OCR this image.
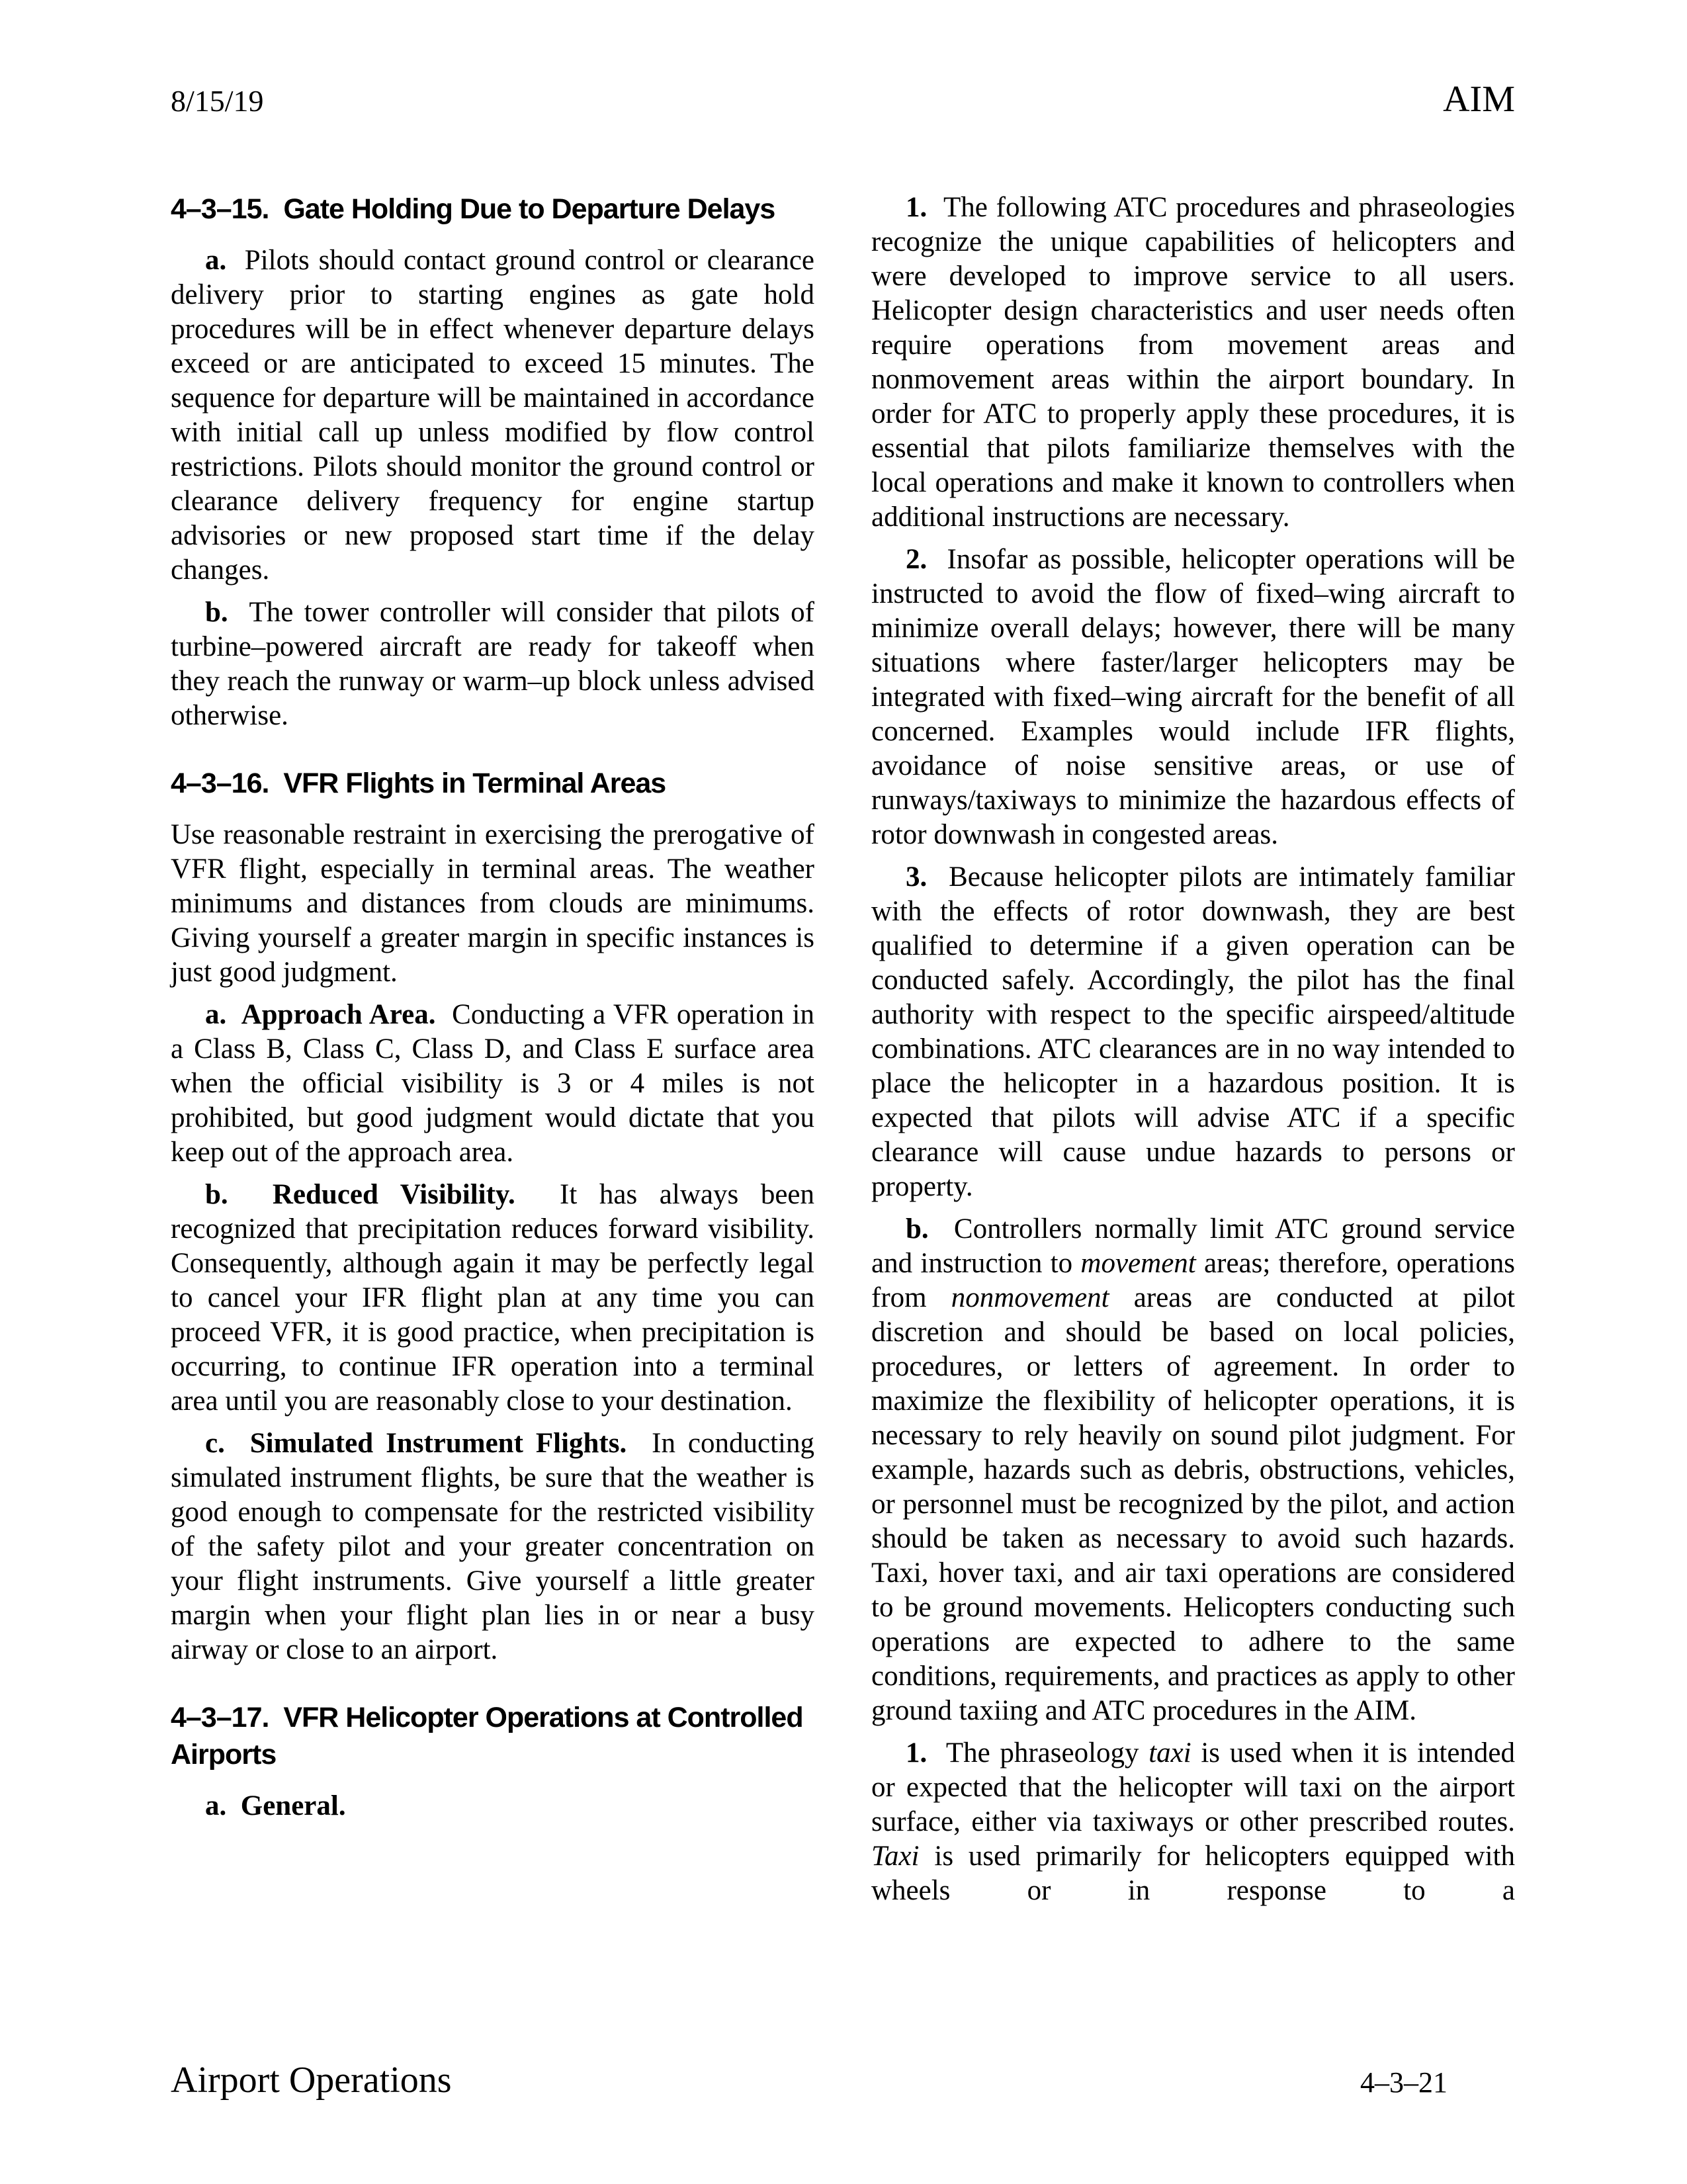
8/15/19	AIM
4–3–15.  Gate Holding Due to Departure Delays
a.  Pilots should contact ground control or clearance delivery prior to starting engines as gate hold procedures will be in effect whenever departure delays exceed or are anticipated to exceed 15 minutes. The sequence for departure will be maintained in accordance with initial call up unless modified by flow control restrictions. Pilots should monitor the ground control or clearance delivery frequency for engine startup advisories or new proposed start time if the delay changes.
b.  The tower controller will consider that pilots of turbine–powered aircraft are ready for takeoff when they reach the runway or warm–up block unless advised otherwise.
4–3–16.  VFR Flights in Terminal Areas
Use reasonable restraint in exercising the prerogative of VFR flight, especially in terminal areas. The weather minimums and distances from clouds are minimums. Giving yourself a greater margin in specific instances is just good judgment.
a.  Approach Area.  Conducting a VFR operation in a Class B, Class C, Class D, and Class E surface area when the official visibility is 3 or 4 miles is not prohibited, but good judgment would dictate that you keep out of the approach area.
b.  Reduced Visibility.  It has always been recognized that precipitation reduces forward visibility. Consequently, although again it may be perfectly legal to cancel your IFR flight plan at any time you can proceed VFR, it is good practice, when precipitation is occurring, to continue IFR operation into a terminal area until you are reasonably close to your destination.
c.  Simulated Instrument Flights.  In conducting simulated instrument flights, be sure that the weather is good enough to compensate for the restricted visibility of the safety pilot and your greater concentration on your flight instruments. Give yourself a little greater margin when your flight plan lies in or near a busy airway or close to an airport.
4–3–17.  VFR Helicopter Operations at Controlled Airports
a.  General.
1.  The following ATC procedures and phraseologies recognize the unique capabilities of helicopters and were developed to improve service to all users. Helicopter design characteristics and user needs often require operations from movement areas and nonmovement areas within the airport boundary. In order for ATC to properly apply these procedures, it is essential that pilots familiarize themselves with the local operations and make it known to controllers when additional instructions are necessary.
2.  Insofar as possible, helicopter operations will be instructed to avoid the flow of fixed–wing aircraft to minimize overall delays; however, there will be many situations where faster/larger helicopters may be integrated with fixed–wing aircraft for the benefit of all concerned. Examples would include IFR flights, avoidance of noise sensitive areas, or use of runways/taxiways to minimize the hazardous effects of rotor downwash in congested areas.
3.  Because helicopter pilots are intimately familiar with the effects of rotor downwash, they are best qualified to determine if a given operation can be conducted safely. Accordingly, the pilot has the final authority with respect to the specific airspeed/altitude combinations. ATC clearances are in no way intended to place the helicopter in a hazardous position. It is expected that pilots will advise ATC if a specific clearance will cause undue hazards to persons or property.
b.  Controllers normally limit ATC ground service and instruction to movement areas; therefore, operations from nonmovement areas are conducted at pilot discretion and should be based on local policies, procedures, or letters of agreement. In order to maximize the flexibility of helicopter operations, it is necessary to rely heavily on sound pilot judgment. For example, hazards such as debris, obstructions, vehicles, or personnel must be recognized by the pilot, and action should be taken as necessary to avoid such hazards. Taxi, hover taxi, and air taxi operations are considered to be ground movements. Helicopters conducting such operations are expected to adhere to the same conditions, requirements, and practices as apply to other ground taxiing and ATC procedures in the AIM.
1.  The phraseology taxi is used when it is intended or expected that the helicopter will taxi on the airport surface, either via taxiways or other prescribed routes. Taxi is used primarily for helicopters equipped with wheels or in response to a
Airport Operations	4–3–21
